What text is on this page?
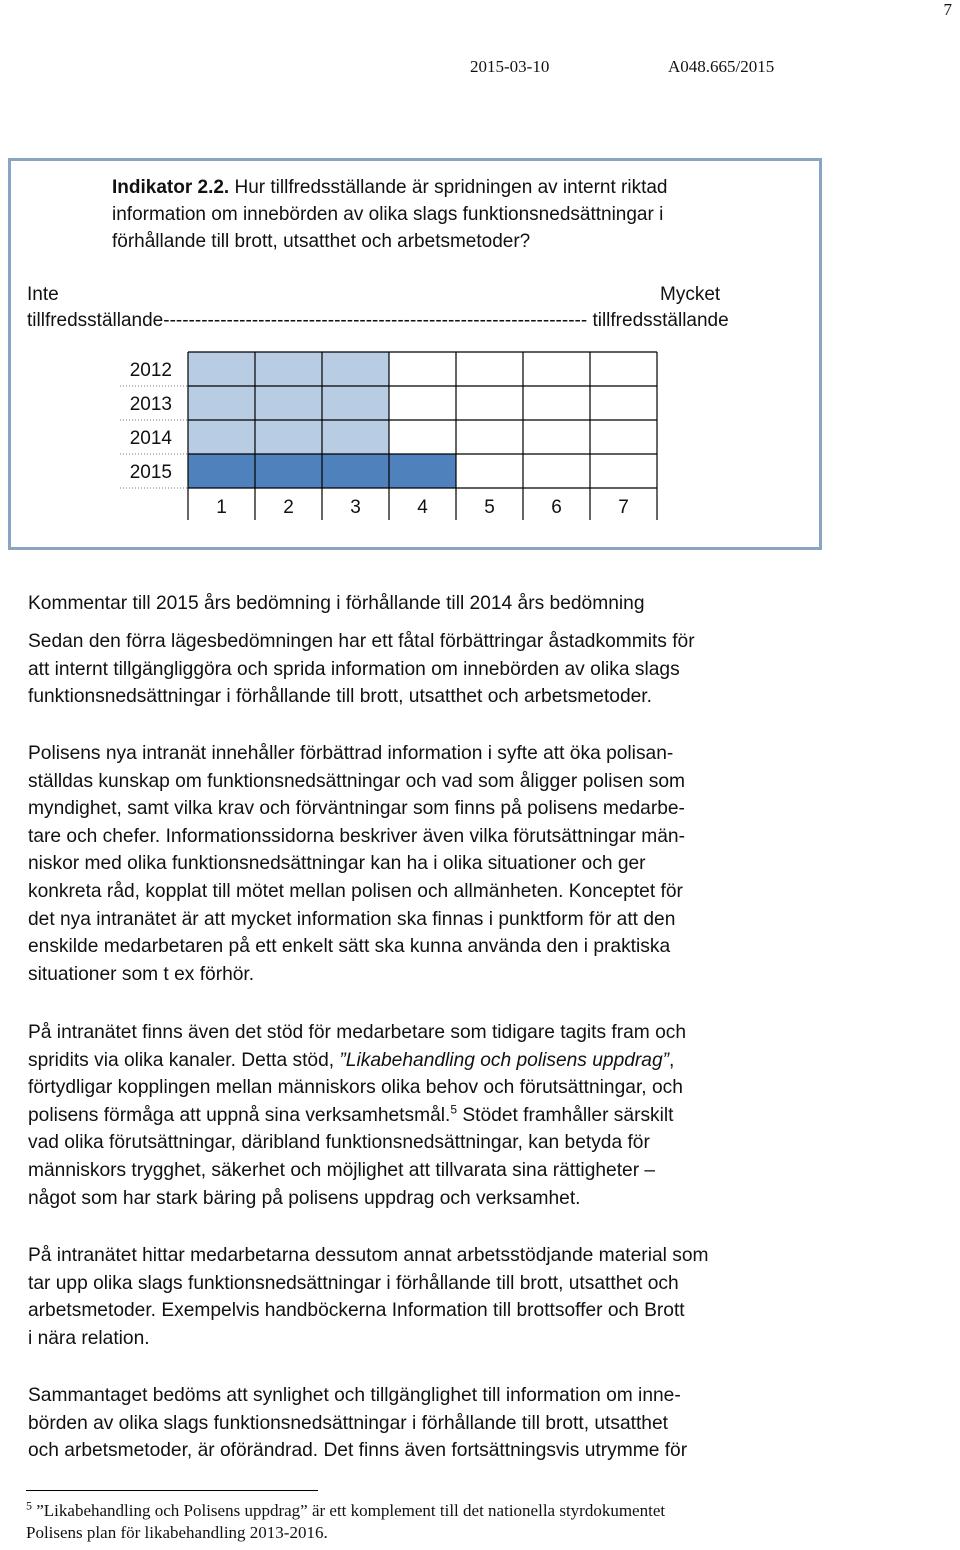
7
2015-03-10	A048.665/2015
Indikator 2.2. Hur tillfredsställande är spridningen av internt riktad
information om innebörden av olika slags funktionsnedsättningar i
förhållande till brott, utsatthet och arbetsmetoder?
Inte	Mycket
tillfredsställande------------------------------------------------------------------- tillfredsställande
2012
2013
2014
2015
1	2	3	4	5	6	7
Kommentar till 2015 års bedömning i förhållande till 2014 års bedömning

Sedan den förra lägesbedömningen har ett fåtal förbättringar åstadkommits för

att internt tillgängliggöra och sprida information om innebörden av olika slags

funktionsnedsättningar i förhållande till brott, utsatthet och arbetsmetoder.

Polisens nya intranät innehåller förbättrad information i syfte att öka polisan-

ställdas kunskap om funktionsnedsättningar och vad som åligger polisen som

myndighet, samt vilka krav och förväntningar som finns på polisens medarbe-

tare och chefer. Informationssidorna beskriver även vilka förutsättningar män-

niskor med olika funktionsnedsättningar kan ha i olika situationer och ger

konkreta råd, kopplat till mötet mellan polisen och allmänheten. Konceptet för

det nya intranätet är att mycket information ska finnas i punktform för att den

enskilde medarbetaren på ett enkelt sätt ska kunna använda den i praktiska

situationer som t ex förhör.

På intranätet finns även det stöd för medarbetare som tidigare tagits fram och

spridits via olika kanaler. Detta stöd, ”Likabehandling och polisens uppdrag”,

förtydligar kopplingen mellan människors olika behov och förutsättningar, och

polisens förmåga att uppnå sina verksamhetsmål.$^5$ Stödet framhåller särskilt

vad olika förutsättningar, däribland funktionsnedsättningar, kan betyda för

människors trygghet, säkerhet och möjlighet att tillvarata sina rättigheter –

något som har stark bäring på polisens uppdrag och verksamhet.

På intranätet hittar medarbetarna dessutom annat arbetsstödjande material som

tar upp olika slags funktionsnedsättningar i förhållande till brott, utsatthet och

arbetsmetoder. Exempelvis handböckerna Information till brottsoffer och Brott

i nära relation.

Sammantaget bedöms att synlighet och tillgänglighet till information om inne-

börden av olika slags funktionsnedsättningar i förhållande till brott, utsatthet

och arbetsmetoder, är oförändrad. Det finns även fortsättningsvis utrymme för

$^5$ ”Likabehandling och Polisens uppdrag” är ett komplement till det nationella styrdokumentet

Polisens plan för likabehandling 2013-2016.
